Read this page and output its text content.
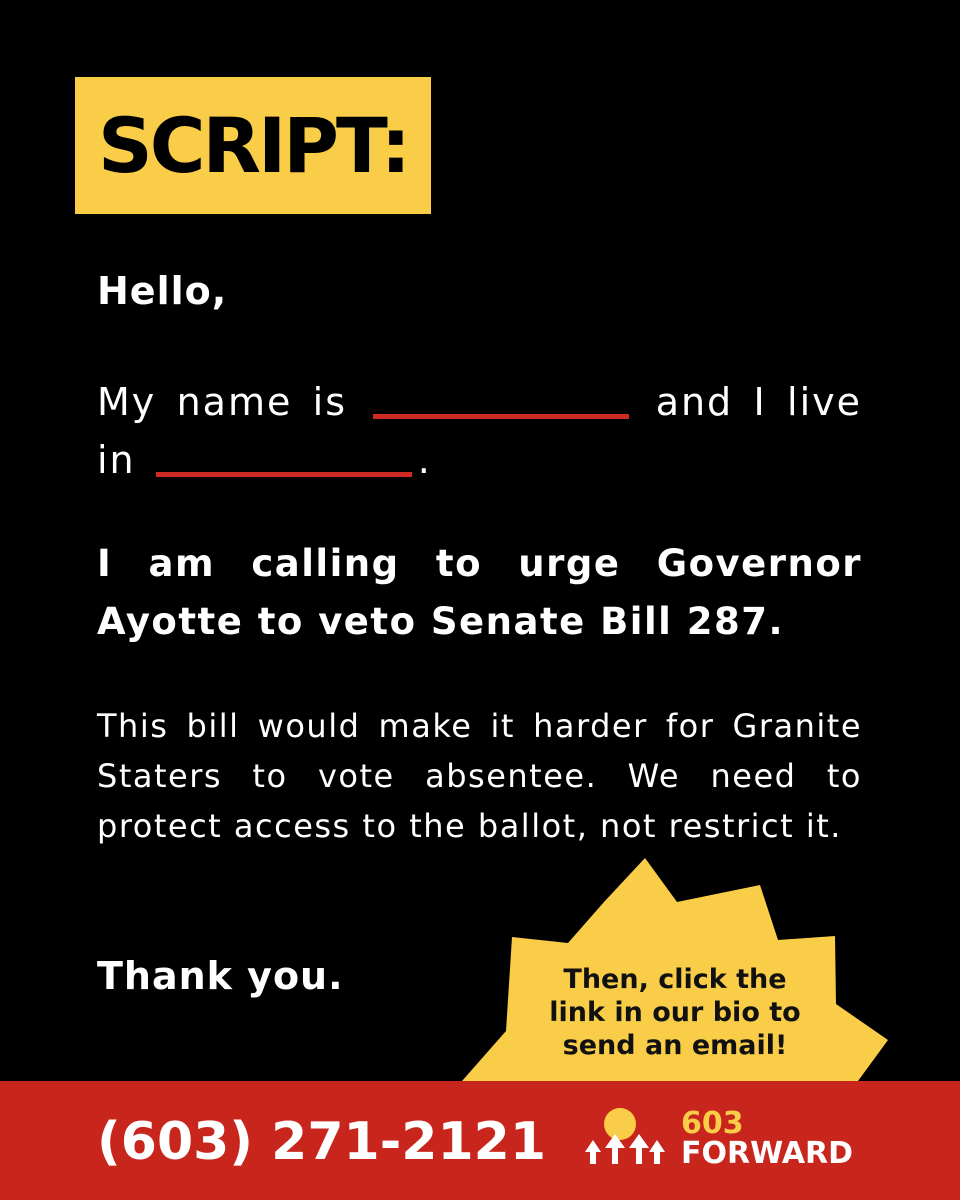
SCRIPT:
Hello,
My name is	and I live in	.
I am calling to urge Governor Ayotte to veto Senate Bill 287.
This bill would make it harder for Granite Staters to vote absentee. We need to protect access to the ballot, not restrict it.
Thank you.	Then, click the
link in our bio to
send an email!
(603) 271-2121	603
FORWARD
